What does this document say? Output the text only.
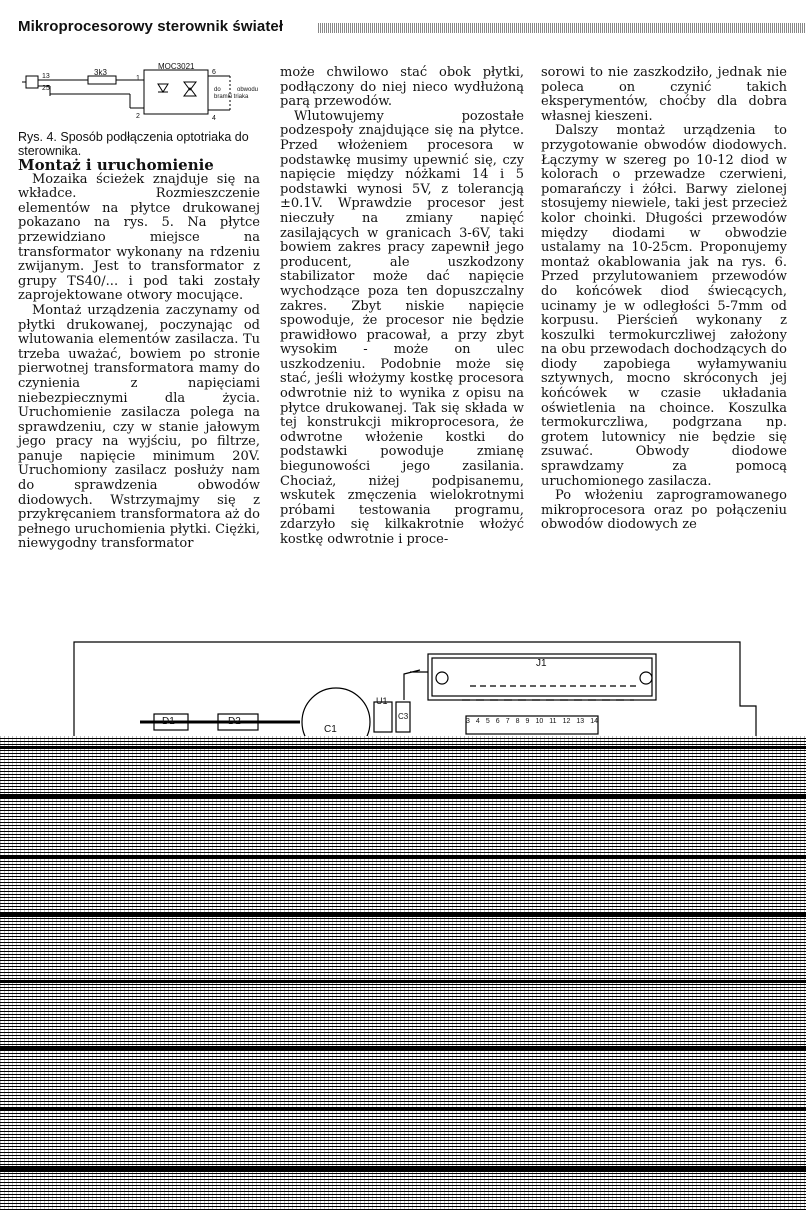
Mikroprocesorowy sterownik świateł
MOC3021
3k3
13
25
1
2
6
4
do obwodu bramki triaka

Rys. 4. Sposób podłączenia optotriaka do sterownika.

Montaż i uruchomienie

Mozaika ścieżek znajduje się na wkładce. Rozmieszczenie elementów na płytce drukowanej pokazano na rys. 5. Na płytce przewidziano miejsce na transformator wykonany na rdzeniu zwijanym. Jest to transformator z grupy TS40/... i pod taki zostały zaprojektowane otwory mocujące.

Montaż urządzenia zaczynamy od płytki drukowanej, poczynając od wlutowania elementów zasilacza. Tu trzeba uważać, bowiem po stronie pierwotnej transformatora mamy do czynienia z napięciami niebezpiecznymi dla życia. Uruchomienie zasilacza polega na sprawdzeniu, czy w stanie jałowym jego pracy na wyjściu, po filtrze, panuje napięcie minimum 20V. Uruchomiony zasilacz posłuży nam do sprawdzenia obwodów diodowych. Wstrzymajmy się z przykręcaniem transformatora aż do pełnego uruchomienia płytki. Ciężki, niewygodny transformator

może chwilowo stać obok płytki, podłączony do niej nieco wydłużoną parą przewodów.

Wlutowujemy pozostałe podzespoły znajdujące się na płytce. Przed włożeniem procesora w podstawkę musimy upewnić się, czy napięcie między nóżkami 14 i 5 podstawki wynosi 5V, z tolerancją ±0.1V. Wprawdzie procesor jest nieczuły na zmiany napięć zasilających w granicach 3-6V, taki bowiem zakres pracy zapewnił jego producent, ale uszkodzony stabilizator może dać napięcie wychodzące poza ten dopuszczalny zakres. Zbyt niskie napięcie spowoduje, że procesor nie będzie prawidłowo pracował, a przy zbyt wysokim - może on ulec uszkodzeniu. Podobnie może się stać, jeśli włożymy kostkę procesora odwrotnie niż to wynika z opisu na płytce drukowanej. Tak się składa w tej konstrukcji mikroprocesora, że odwrotne włożenie kostki do podstawki powoduje zmianę biegunowości jego zasilania. Chociaż, niżej podpisanemu, wskutek zmęczenia wielokrotnymi próbami testowania programu, zdarzyło się kilkakrotnie włożyć kostkę odwrotnie i proce-

sorowi to nie zaszkodziło, jednak nie poleca on czynić takich eksperymentów, choćby dla dobra własnej kieszeni.

Dalszy montaż urządzenia to przygotowanie obwodów diodowych. Łączymy w szereg po 10-12 diod w kolorach o przewadze czerwieni, pomarańczy i żółci. Barwy zielonej stosujemy niewiele, taki jest przecież kolor choinki. Długości przewodów między diodami w obwodzie ustalamy na 10-25cm. Proponujemy montaż okablowania jak na rys. 6. Przed przylutowaniem przewodów do końcówek diod świecących, ucinamy je w odległości 5-7mm od korpusu. Pierścień wykonany z koszulki termokurczliwej założony na obu przewodach dochodzących do diody zapobiega wyłamywaniu sztywnych, mocno skróconych jej końcówek w czasie układania oświetlenia na choince. Koszulka termokurczliwa, podgrzana np. grotem lutownicy nie będzie się zsuwać. Obwody diodowe sprawdzamy za pomocą uruchomionego zasilacza.

Po włożeniu zaprogramowanego mikroprocesora oraz po połączeniu obwodów diodowych ze

J1
D1	D2
C1
U1
C3
3 4 5 6 7 8 9 10 11 12 13 14
